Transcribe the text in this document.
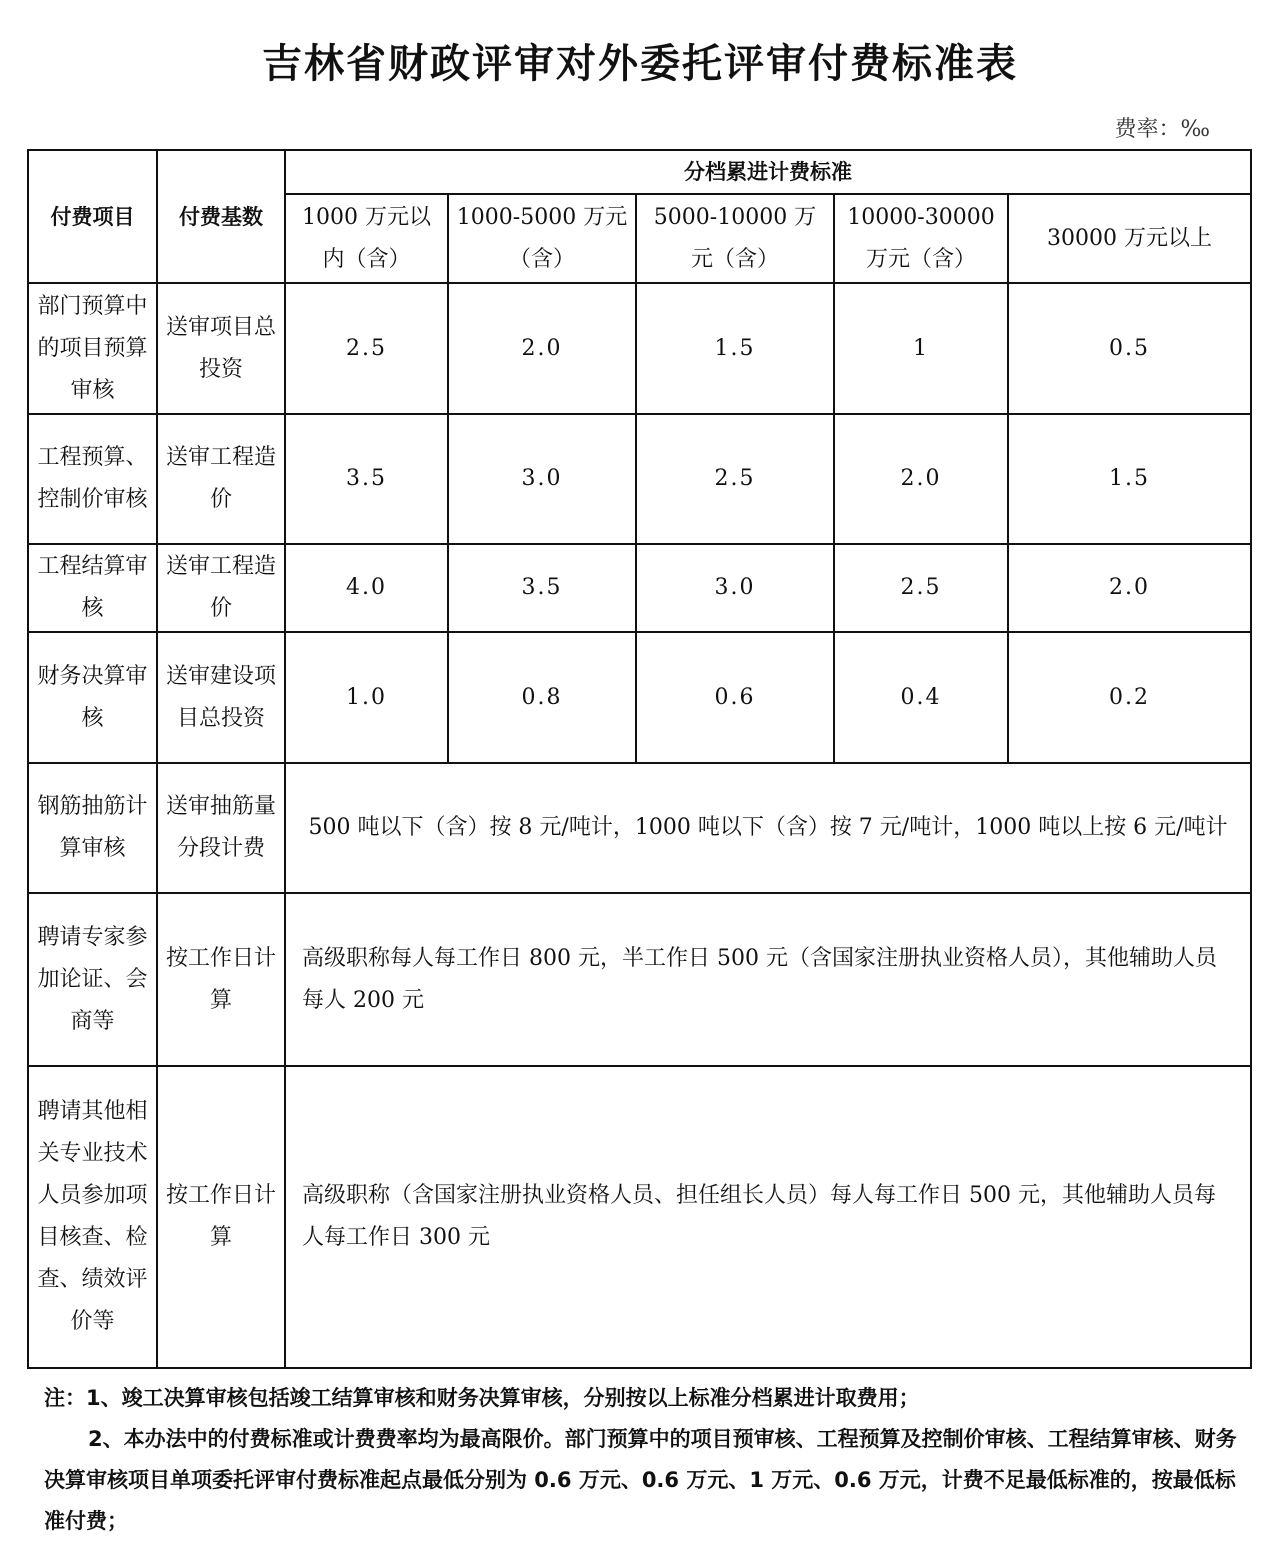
吉林省财政评审对外委托评审付费标准表
费率：‰
付费项目	付费基数	分档累进计费标准				
		1000 万元以内（含）	1000-5000 万元（含）	5000-10000 万元（含）	10000-30000 万元（含）	30000 万元以上
部门预算中的项目预算审核	送审项目总投资	2.5	2.0	1.5	1	0.5
工程预算、控制价审核	送审工程造价	3.5	3.0	2.5	2.0	1.5
工程结算审核	送审工程造价	4.0	3.5	3.0	2.5	2.0
财务决算审核	送审建设项目总投资	1.0	0.8	0.6	0.4	0.2
钢筋抽筋计算审核	送审抽筋量分段计费	500 吨以下（含）按 8 元/吨计，1000 吨以下（含）按 7 元/吨计，1000 吨以上按 6 元/吨计				
聘请专家参加论证、会商等	按工作日计算	高级职称每人每工作日 800 元，半工作日 500 元（含国家注册执业资格人员），其他辅助人员每人 200 元				
聘请其他相关专业技术人员参加项目核查、检查、绩效评价等	按工作日计算	高级职称（含国家注册执业资格人员、担任组长人员）每人每工作日 500 元，其他辅助人员每人每工作日 300 元				

注：1、竣工决算审核包括竣工结算审核和财务决算审核，分别按以上标准分档累进计取费用；

2、本办法中的付费标准或计费费率均为最高限价。部门预算中的项目预审核、工程预算及控制价审核、工程结算审核、财务决算审核项目单项委托评审付费标准起点最低分别为 0.6 万元、0.6 万元、1 万元、0.6 万元，计费不足最低标准的，按最低标准付费；
